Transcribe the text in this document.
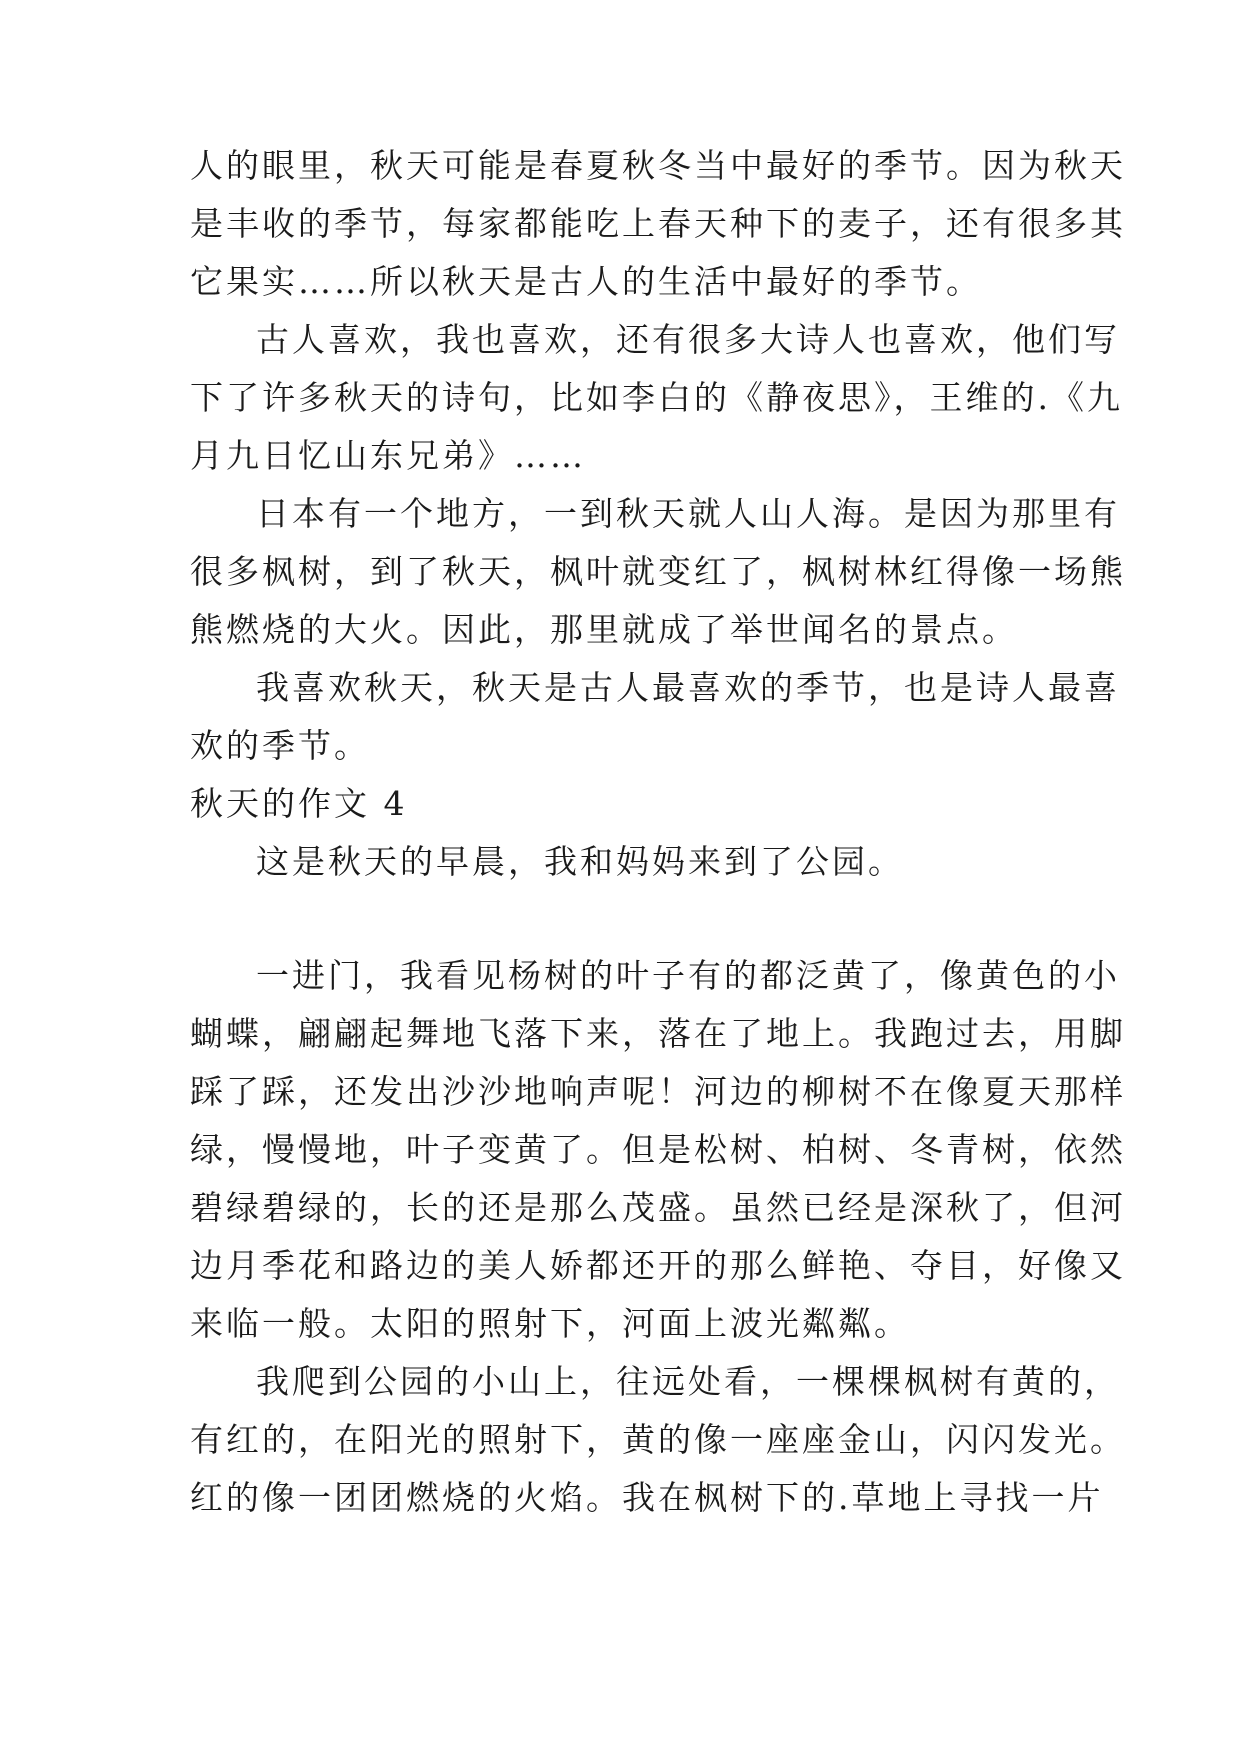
人的眼里，秋天可能是春夏秋冬当中最好的季节。因为秋天

是丰收的季节，每家都能吃上春天种下的麦子，还有很多其

它果实……所以秋天是古人的生活中最好的季节。

古人喜欢，我也喜欢，还有很多大诗人也喜欢，他们写

下了许多秋天的诗句，比如李白的《静夜思》，王维的.《九

月九日忆山东兄弟》……

日本有一个地方，一到秋天就人山人海。是因为那里有

很多枫树，到了秋天，枫叶就变红了，枫树林红得像一场熊

熊燃烧的大火。因此，那里就成了举世闻名的景点。

我喜欢秋天，秋天是古人最喜欢的季节，也是诗人最喜

欢的季节。

秋天的作文 4

这是秋天的早晨，我和妈妈来到了公园。

一进门，我看见杨树的叶子有的都泛黄了，像黄色的小

蝴蝶，翩翩起舞地飞落下来，落在了地上。我跑过去，用脚

踩了踩，还发出沙沙地响声呢！河边的柳树不在像夏天那样

绿，慢慢地，叶子变黄了。但是松树、柏树、冬青树，依然

碧绿碧绿的，长的还是那么茂盛。虽然已经是深秋了，但河

边月季花和路边的美人娇都还开的那么鲜艳、夺目，好像又

来临一般。太阳的照射下，河面上波光粼粼。

我爬到公园的小山上，往远处看，一棵棵枫树有黄的，

有红的，在阳光的照射下，黄的像一座座金山，闪闪发光。

红的像一团团燃烧的火焰。我在枫树下的.草地上寻找一片
